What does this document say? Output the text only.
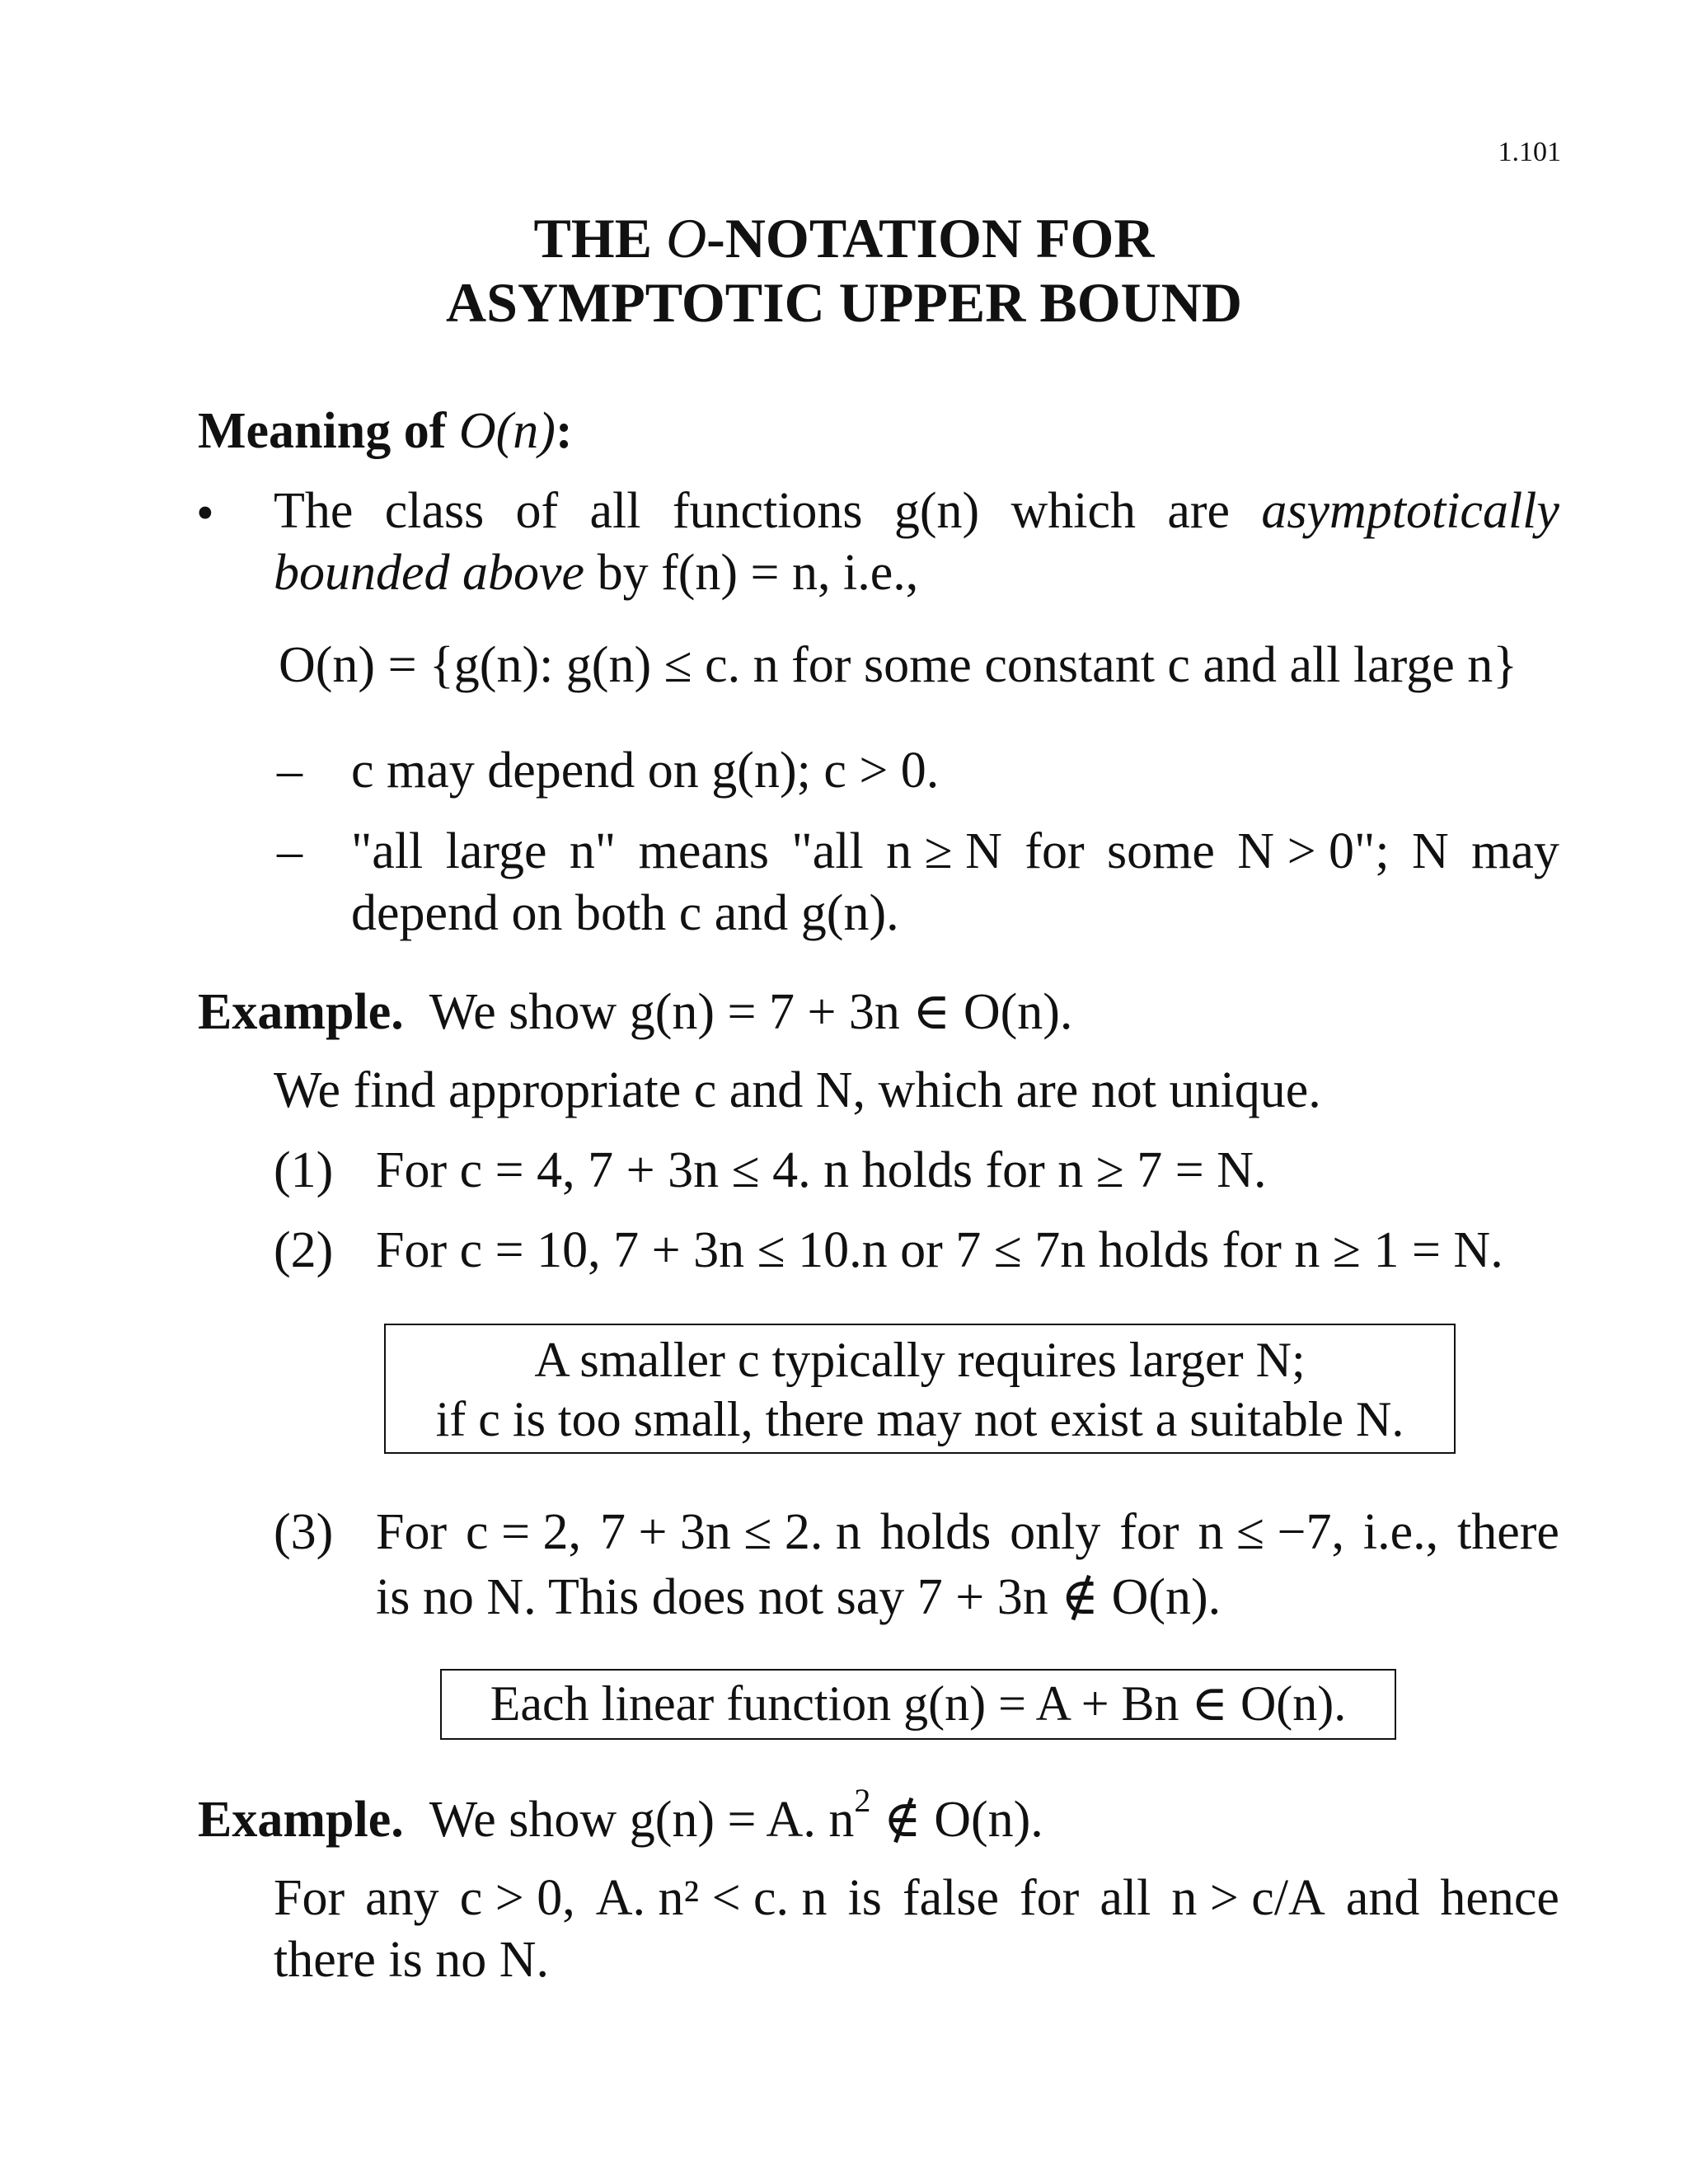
1.101
THE O-NOTATION FOR
ASYMPTOTIC UPPER BOUND
Meaning of O(n):
• The class of all functions g(n) which are asymptotically
bounded above by f(n) = n, i.e.,
O(n) = {g(n): g(n) ≤ c. n for some constant c and all large n}
– c may depend on g(n); c > 0.
– "all large n" means "all n ≥ N for some N > 0"; N may
depend on both c and g(n).
Example. We show g(n) = 7 + 3n ∈ O(n).
We find appropriate c and N, which are not unique.
(1) For c = 4, 7 + 3n ≤ 4. n holds for n ≥ 7 = N.
(2) For c = 10, 7 + 3n ≤ 10.n or 7 ≤ 7n holds for n ≥ 1 = N.
A smaller c typically requires larger N;
if c is too small, there may not exist a suitable N.
(3) For c = 2, 7 + 3n ≤ 2. n holds only for n ≤ −7, i.e., there
is no N. This does not say 7 + 3n ∉ O(n).
Each linear function g(n) = A + Bn ∈ O(n).
Example. We show g(n) = A. $n^2$ ∉ O(n).
For any c > 0, A. n² < c. n is false for all n > c/A and hence
there is no N.
